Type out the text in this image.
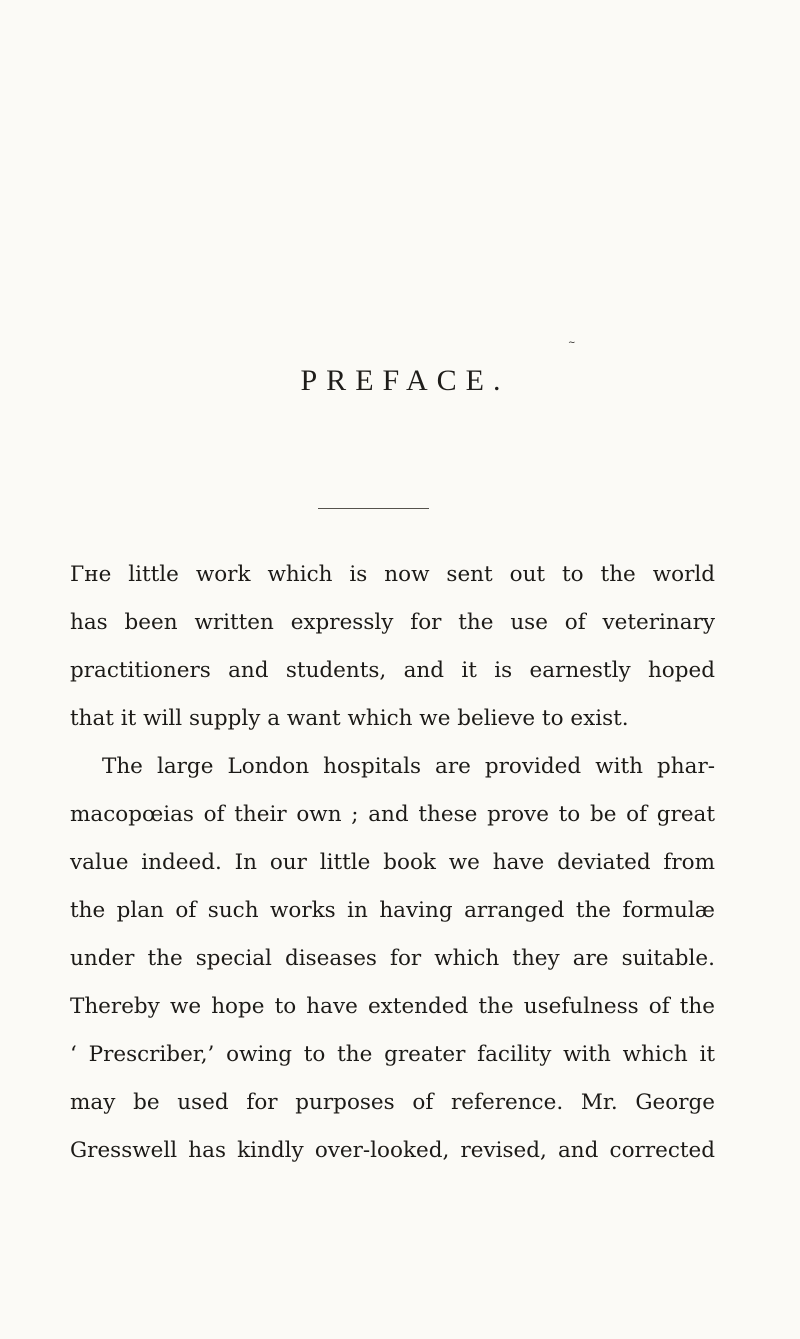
~
PREFACE.
Гне little work which is now sent out to the world
has been written expressly for the use of veterinary
practitioners and students, and it is earnestly hoped
that it will supply a want which we believe to exist.
The large London hospitals are provided with phar-
macopœias of their own ; and these prove to be of great
value indeed. In our little book we have deviated from
the plan of such works in having arranged the formulæ
under the special diseases for which they are suitable.
Thereby we hope to have extended the usefulness of the
‘ Prescriber,’ owing to the greater facility with which it
may be used for purposes of reference. Mr. George
Gresswell has kindly over-looked, revised, and corrected
